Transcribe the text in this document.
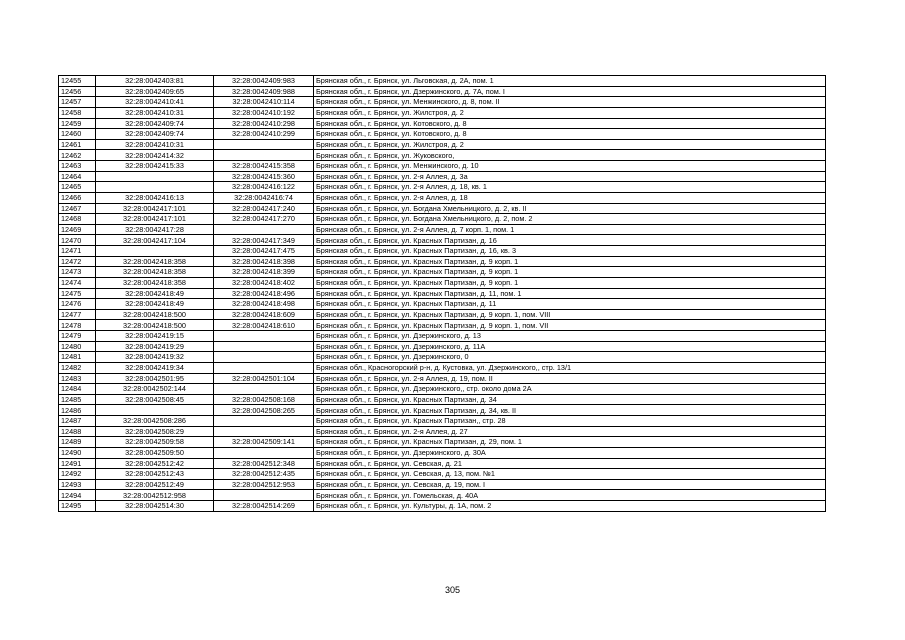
12455	32:28:0042403:81	32:28:0042409:983	Брянская обл., г. Брянск, ул. Льговская, д. 2А, пом. 1
12456	32:28:0042409:65	32:28:0042409:988	Брянская обл., г. Брянск, ул. Дзержинского, д. 7А, пом. I
12457	32:28:0042410:41	32:28:0042410:114	Брянская обл., г. Брянск, ул. Менжинского, д. 8, пом. II
12458	32:28:0042410:31	32:28:0042410:192	Брянская обл., г. Брянск, ул. Жилстроя, д. 2
12459	32:28:0042409:74	32:28:0042410:298	Брянская обл., г. Брянск, ул. Котовского, д. 8
12460	32:28:0042409:74	32:28:0042410:299	Брянская обл., г. Брянск, ул. Котовского, д. 8
12461	32:28:0042410:31		Брянская обл., г. Брянск, ул. Жилстроя, д. 2
12462	32:28:0042414:32		Брянская обл., г. Брянск, ул. Жуковского,
12463	32:28:0042415:33	32:28:0042415:358	Брянская обл., г. Брянск, ул. Менжинского, д. 10
12464		32:28:0042415:360	Брянская обл., г. Брянск, ул. 2-я Аллея, д. 3а
12465		32:28:0042416:122	Брянская обл., г. Брянск, ул. 2-я Аллея, д. 18, кв. 1
12466	32:28:0042416:13	32:28:0042416:74	Брянская обл., г. Брянск, ул. 2-я Аллея, д. 18
12467	32:28:0042417:101	32:28:0042417:240	Брянская обл., г. Брянск, ул. Богдана Хмельницкого, д. 2, кв. II
12468	32:28:0042417:101	32:28:0042417:270	Брянская обл., г. Брянск, ул. Богдана Хмельницкого, д. 2, пом. 2
12469	32:28:0042417:28		Брянская обл., г. Брянск, ул. 2-я Аллея, д. 7 корп. 1, пом. 1
12470	32:28:0042417:104	32:28:0042417:349	Брянская обл., г. Брянск, ул. Красных Партизан, д. 16
12471		32:28:0042417:475	Брянская обл., г. Брянск, ул. Красных Партизан, д. 16, кв. 3
12472	32:28:0042418:358	32:28:0042418:398	Брянская обл., г. Брянск, ул. Красных Партизан, д. 9 корп. 1
12473	32:28:0042418:358	32:28:0042418:399	Брянская обл., г. Брянск, ул. Красных Партизан, д. 9 корп. 1
12474	32:28:0042418:358	32:28:0042418:402	Брянская обл., г. Брянск, ул. Красных Партизан, д. 9 корп. 1
12475	32:28:0042418:49	32:28:0042418:496	Брянская обл., г. Брянск, ул. Красных Партизан, д. 11, пом. 1
12476	32:28:0042418:49	32:28:0042418:498	Брянская обл., г. Брянск, ул. Красных Партизан, д. 11
12477	32:28:0042418:500	32:28:0042418:609	Брянская обл., г. Брянск, ул. Красных Партизан, д. 9 корп. 1, пом. VIII
12478	32:28:0042418:500	32:28:0042418:610	Брянская обл., г. Брянск, ул. Красных Партизан, д. 9 корп. 1, пом. VII
12479	32:28:0042419:15		Брянская обл., г. Брянск, ул. Дзержинского, д. 13
12480	32:28:0042419:29		Брянская обл., г. Брянск, ул. Дзержинского, д. 11А
12481	32:28:0042419:32		Брянская обл., г. Брянск, ул. Дзержинского, 0
12482	32:28:0042419:34		Брянская обл., Красногорский р-н, д. Кустовка, ул. Дзержинского,, стр. 13/1
12483	32:28:0042501:95	32:28:0042501:104	Брянская обл., г. Брянск, ул. 2-я Аллея, д. 19, пом. II
12484	32:28:0042502:144		Брянская обл., г. Брянск, ул. Дзержинского,, стр. около дома 2А
12485	32:28:0042508:45	32:28:0042508:168	Брянская обл., г. Брянск, ул. Красных Партизан, д. 34
12486		32:28:0042508:265	Брянская обл., г. Брянск, ул. Красных Партизан, д. 34, кв. II
12487	32:28:0042508:286		Брянская обл., г. Брянск, ул. Красных Партизан,, стр. 28
12488	32:28:0042508:29		Брянская обл., г. Брянск, ул. 2-я Аллея, д. 27
12489	32:28:0042509:58	32:28:0042509:141	Брянская обл., г. Брянск, ул. Красных Партизан, д. 29, пом. 1
12490	32:28:0042509:50		Брянская обл., г. Брянск, ул. Дзержинского, д. 30А
12491	32:28:0042512:42	32:28:0042512:348	Брянская обл., г. Брянск, ул. Севская, д. 21
12492	32:28:0042512:43	32:28:0042512:435	Брянская обл., г. Брянск, ул. Севская, д. 13, пом. №1
12493	32:28:0042512:49	32:28:0042512:953	Брянская обл., г. Брянск, ул. Севская, д. 19, пом. I
12494	32:28:0042512:958		Брянская обл., г. Брянск, ул. Гомельская, д. 40А
12495	32:28:0042514:30	32:28:0042514:269	Брянская обл., г. Брянск, ул. Культуры, д. 1А, пом. 2
305
